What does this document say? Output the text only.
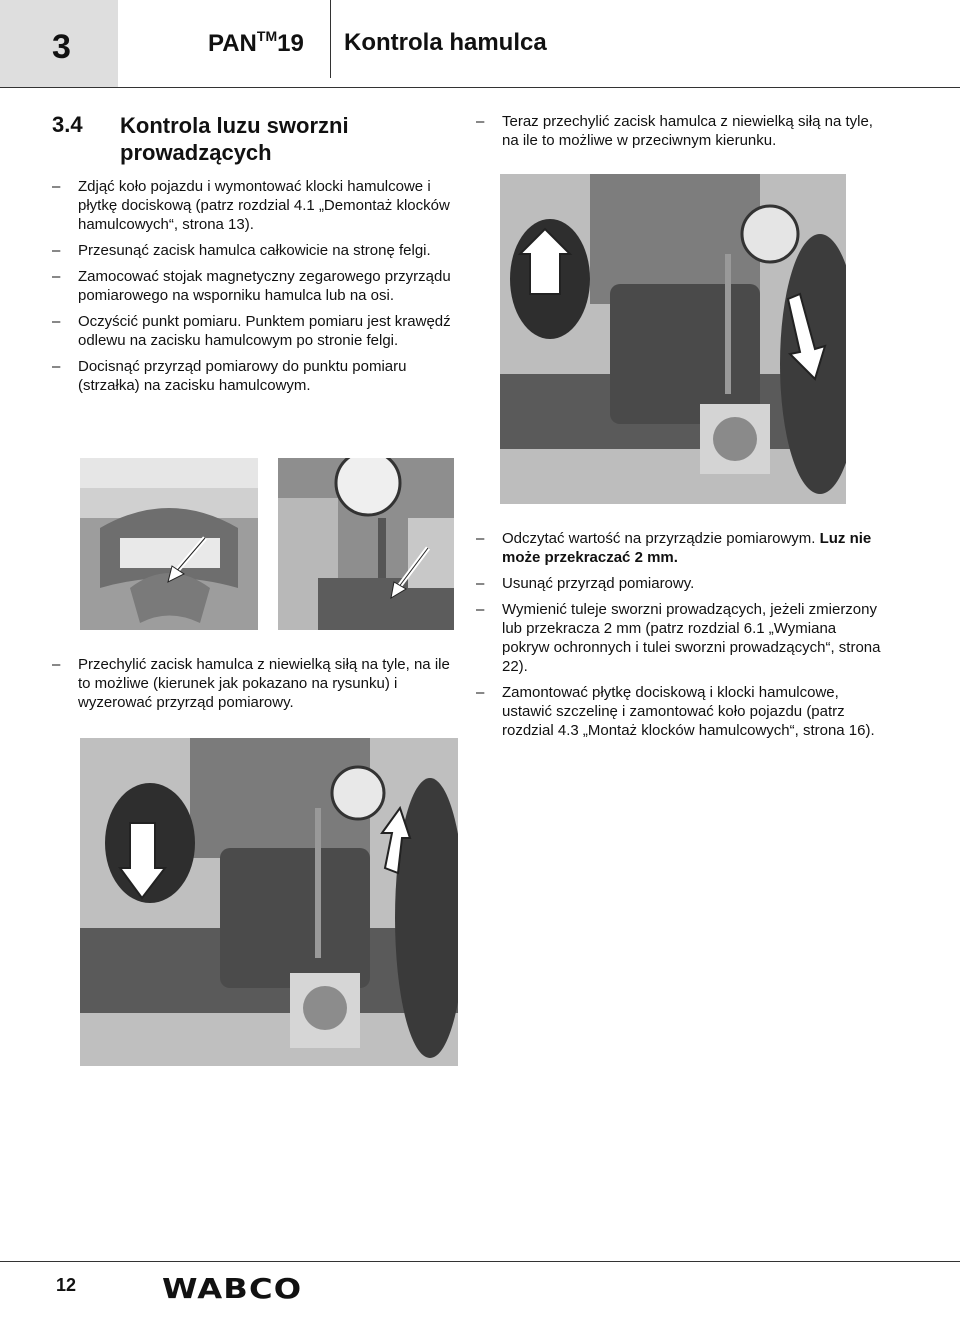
3	PAN™19 Kontrola hamulca
3.4 Kontrola luzu sworzni prowadzących
– Zdjąć koło pojazdu i wymontować klocki hamulcowe i płytkę dociskową (patrz rozdzial 4.1 „Demontaż klocków hamulcowych“, strona 13).
– Przesunąć zacisk hamulca całkowicie na stronę felgi.
– Zamocować stojak magnetyczny zegarowego przyrządu pomiarowego na wsporniku hamulca lub na osi.
– Oczyścić punkt pomiaru. Punktem pomiaru jest krawędź odlewu na zacisku hamulcowym po stronie felgi.
– Docisnąć przyrząd pomiarowy do punktu pomiaru (strzałka) na zacisku hamulcowym.
– Teraz przechylić zacisk hamulca z niewielką siłą na tyle, na ile to możliwe w przeciwnym kierunku.
– Przechylić zacisk hamulca z niewielką siłą na tyle, na ile to możliwe (kierunek jak pokazano na rysunku) i wyzerować przyrząd pomiarowy.
– Odczytać wartość na przyrządzie pomiarowym. Luz nie może przekraczać 2 mm.
– Usunąć przyrząd pomiarowy.
– Wymienić tuleje sworzni prowadzących, jeżeli zmierzony lub przekracza 2 mm (patrz rozdzial 6.1 „Wymiana pokryw ochronnych i tulei sworzni prowadzących“, strona 22).
– Zamontować płytkę dociskową i klocki hamulcowe, ustawić szczelinę i zamontować koło pojazdu (patrz rozdzial 4.3 „Montaż klocków hamulcowych“, strona 16).
12	WABCO
